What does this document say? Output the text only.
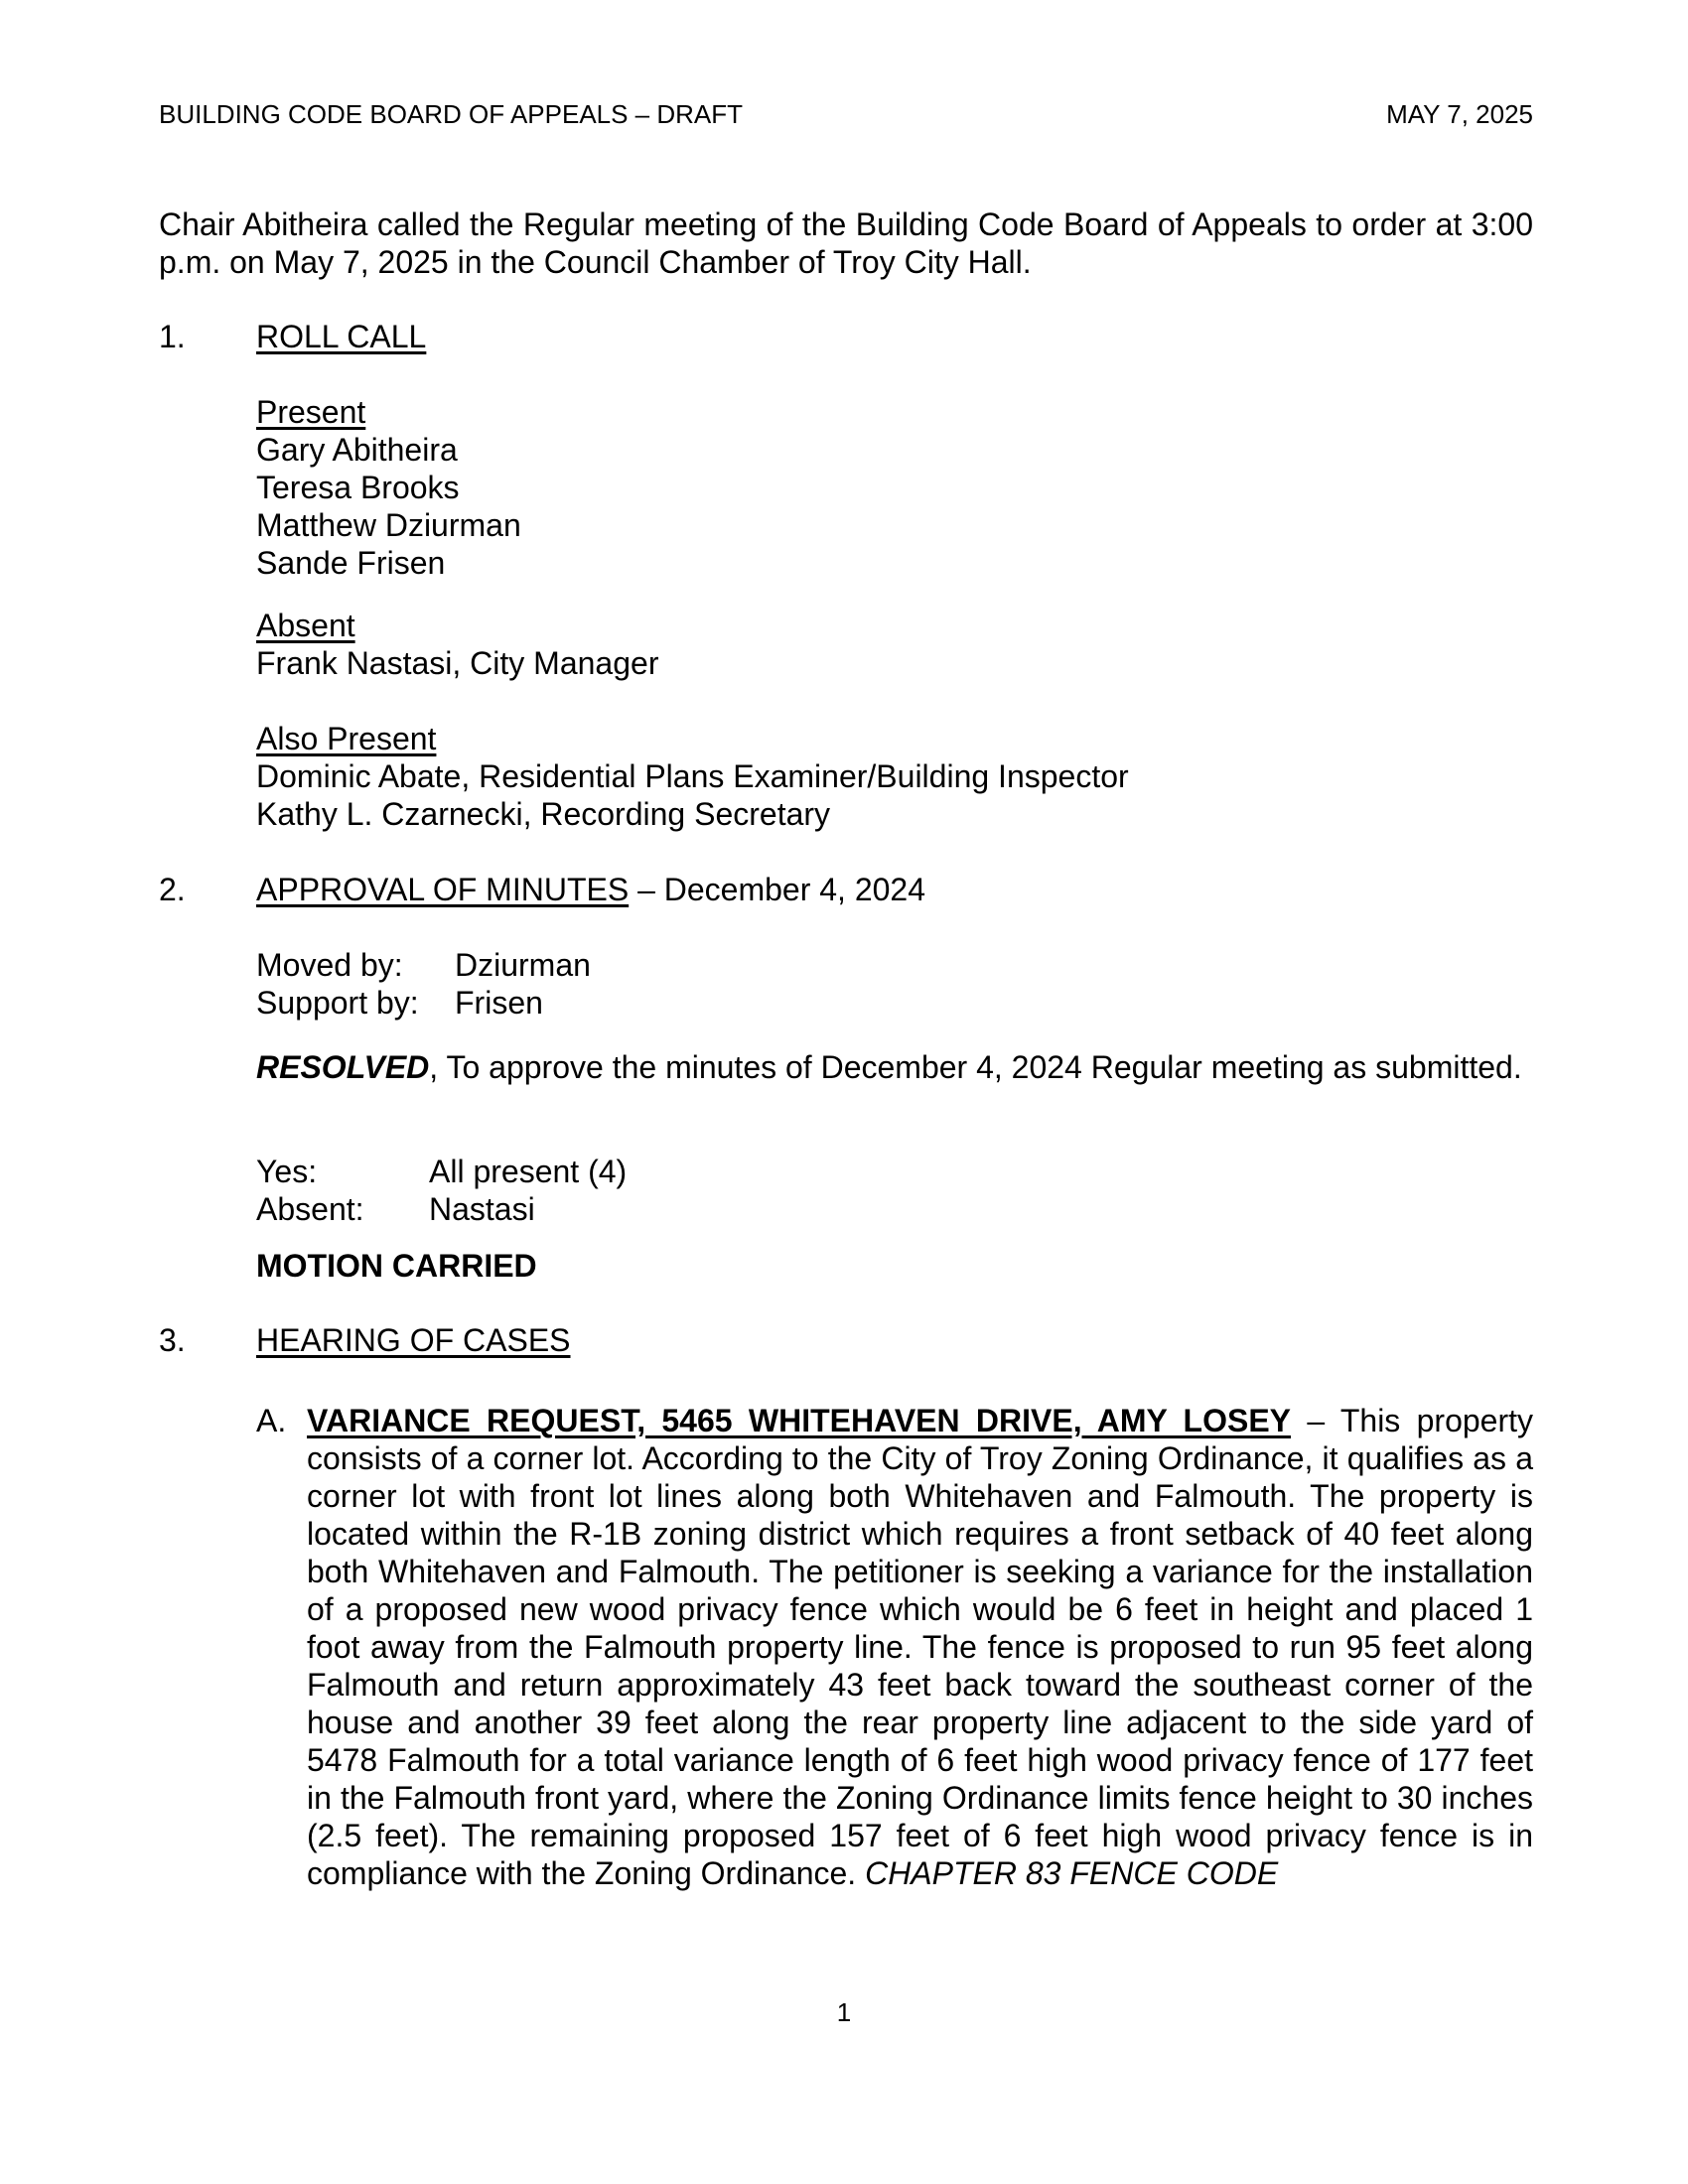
BUILDING CODE BOARD OF APPEALS – DRAFT	MAY 7, 2025
Chair Abitheira called the Regular meeting of the Building Code Board of Appeals to order at 3:00 p.m. on May 7, 2025 in the Council Chamber of Troy City Hall.
1.	ROLL CALL
Present
Gary Abitheira
Teresa Brooks
Matthew Dziurman
Sande Frisen
Absent
Frank Nastasi, City Manager
Also Present
Dominic Abate, Residential Plans Examiner/Building Inspector
Kathy L. Czarnecki, Recording Secretary
2.	APPROVAL OF MINUTES – December 4, 2024
Moved by:	Dziurman
Support by:	Frisen
RESOLVED, To approve the minutes of December 4, 2024 Regular meeting as submitted.
Yes:	All present (4)
Absent:	Nastasi
MOTION CARRIED
3.	HEARING OF CASES
A. VARIANCE REQUEST, 5465 WHITEHAVEN DRIVE, AMY LOSEY – This property consists of a corner lot. According to the City of Troy Zoning Ordinance, it qualifies as a corner lot with front lot lines along both Whitehaven and Falmouth. The property is located within the R-1B zoning district which requires a front setback of 40 feet along both Whitehaven and Falmouth. The petitioner is seeking a variance for the installation of a proposed new wood privacy fence which would be 6 feet in height and placed 1 foot away from the Falmouth property line. The fence is proposed to run 95 feet along Falmouth and return approximately 43 feet back toward the southeast corner of the house and another 39 feet along the rear property line adjacent to the side yard of 5478 Falmouth for a total variance length of 6 feet high wood privacy fence of 177 feet in the Falmouth front yard, where the Zoning Ordinance limits fence height to 30 inches (2.5 feet). The remaining proposed 157 feet of 6 feet high wood privacy fence is in compliance with the Zoning Ordinance. CHAPTER 83 FENCE CODE
1
